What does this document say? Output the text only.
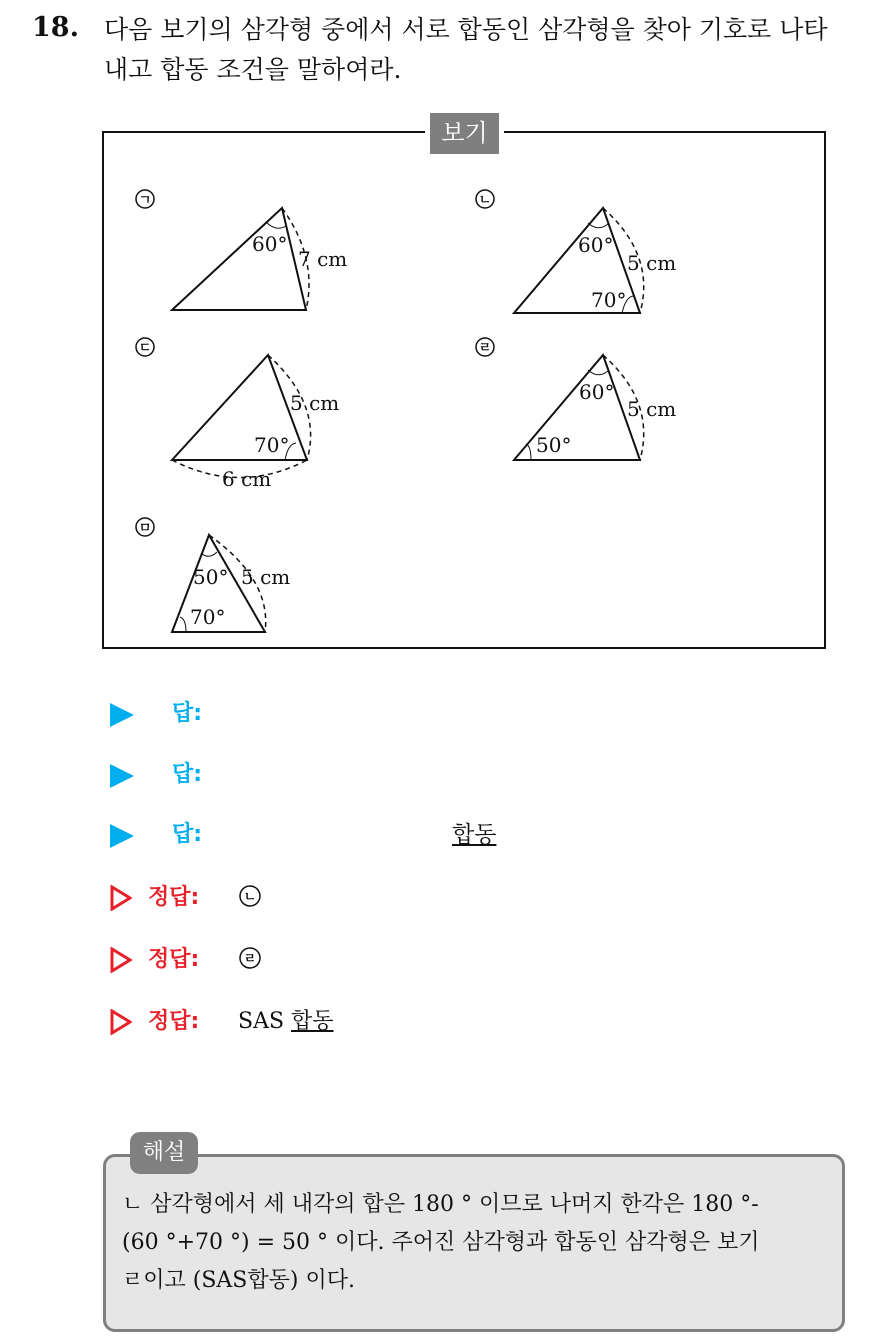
18. 다음 보기의 삼각형 중에서 서로 합동인 삼각형을 찾아 기호로 나타
내고 합동 조건을 말하여라.
보기
ㄱ
60°
7 cm
ㄴ
60°
5 cm
70°
ㄷ
5 cm
70°
6 cm
ㄹ
60°
5 cm
50°
ㅁ
50° 5 cm
70°
답:
답:
답:	합동
정답:	ㄴ
정답:	ㄹ
정답: SAS 합동
해설
ㄴ 삼각형에서 세 내각의 합은 180 ° 이므로 나머지 한각은 180 °-
(60 °+70 °) = 50 ° 이다. 주어진 삼각형과 합동인 삼각형은 보기
ㄹ이고 (SAS합동) 이다.
